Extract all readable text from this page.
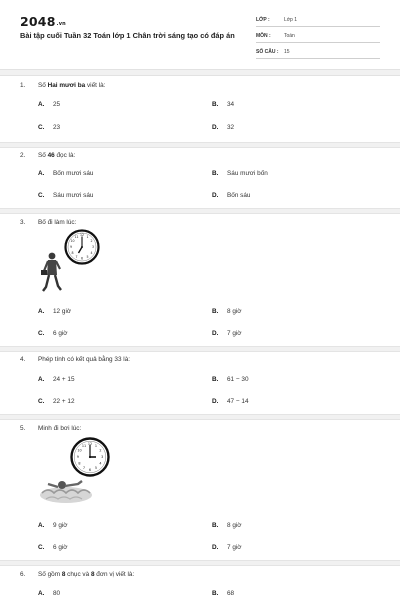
2048.vn
Bài tập cuối Tuần 32 Toán lớp 1 Chân trời sáng tạo có đáp án
LỚP :	Lớp 1
MÔN :	Toán
SỐ CÂU : 15
1. Số Hai mươi ba viết là:
A. 25	B. 34
C. 23	D. 32
2. Số 46 đọc là:
A. Bốn mươi sáu	B. Sáu mươi bốn
C. Sáu mươi sáu	D. Bốn sáu
3. Bố đi làm lúc:
12 1
2
3
4
5
6
7
8
9
10
11
A. 12 giờ	B. 8 giờ
C. 6 giờ	D. 7 giờ
4. Phép tính có kết quả bằng 33 là:
A. 24 + 15	B. 61 − 30
C. 22 + 12	D. 47 − 14
5. Minh đi bơi lúc:
12 1
2
3
4
5
6
7
8
9
10
11
A. 9 giờ	B. 8 giờ
C. 6 giờ	D. 7 giờ
6. Số gồm 8 chục và 8 đơn vị viết là:
A. 80	B. 68
